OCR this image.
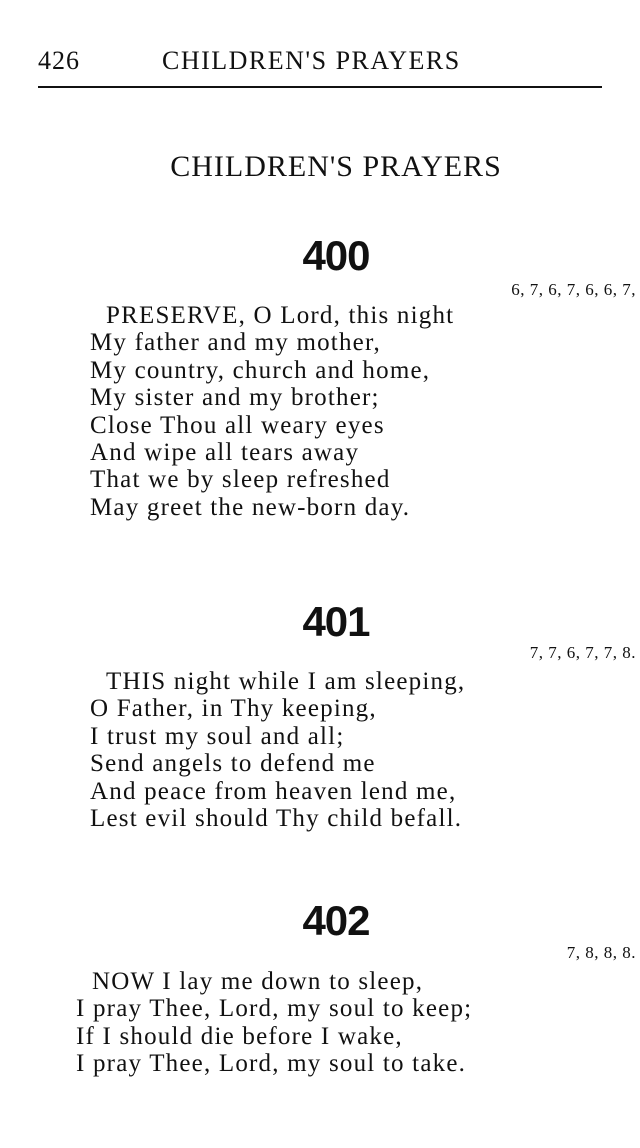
426	CHILDREN'S PRAYERS
CHILDREN'S PRAYERS
400
6, 7, 6, 7, 6, 6, 7,
PRESERVE, O Lord, this night
My father and my mother,
My country, church and home,
My sister and my brother;
Close Thou all weary eyes
And wipe all tears away
That we by sleep refreshed
May greet the new-born day.
401
7, 7, 6, 7, 7, 8.
THIS night while I am sleeping,
O Father, in Thy keeping,
I trust my soul and all;
Send angels to defend me
And peace from heaven lend me,
Lest evil should Thy child befall.
402
7, 8, 8, 8.
NOW I lay me down to sleep,
I pray Thee, Lord, my soul to keep;
If I should die before I wake,
I pray Thee, Lord, my soul to take.
